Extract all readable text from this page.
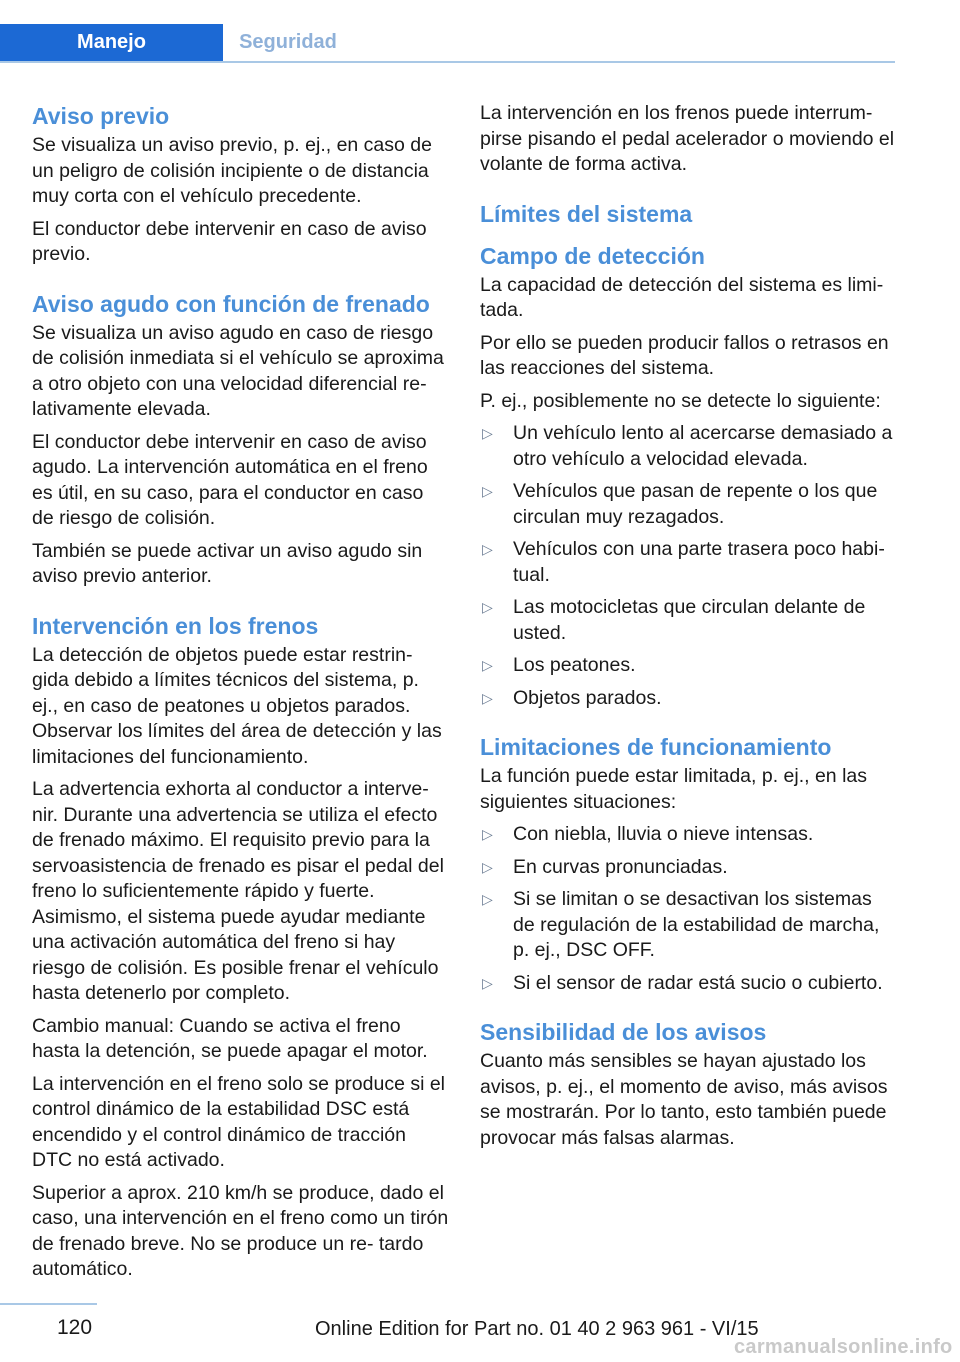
Manejo	Seguridad
Aviso previo

Se visualiza un aviso previo, p. ej., en caso de un peligro de colisión incipiente o de distancia muy corta con el vehículo precedente.

El conductor debe intervenir en caso de aviso previo.

Aviso agudo con función de frenado

Se visualiza un aviso agudo en caso de riesgo de colisión inmediata si el vehículo se aproxima a otro objeto con una velocidad diferencial re‐ lativamente elevada.

El conductor debe intervenir en caso de aviso agudo. La intervención automática en el freno es útil, en su caso, para el conductor en caso de riesgo de colisión.

También se puede activar un aviso agudo sin aviso previo anterior.

Intervención en los frenos

La detección de objetos puede estar restrin‐ gida debido a límites técnicos del sistema, p. ej., en caso de peatones u objetos parados. Observar los límites del área de detección y las limitaciones del funcionamiento.

La advertencia exhorta al conductor a interve‐ nir. Durante una advertencia se utiliza el efecto de frenado máximo. El requisito previo para la servoasistencia de frenado es pisar el pedal del freno lo suficientemente rápido y fuerte. Asimismo, el sistema puede ayudar mediante una activación automática del freno si hay riesgo de colisión. Es posible frenar el vehículo hasta detenerlo por completo.

Cambio manual: Cuando se activa el freno hasta la detención, se puede apagar el motor.

La intervención en el freno solo se produce si el control dinámico de la estabilidad DSC está encendido y el control dinámico de tracción DTC no está activado.

Superior a aprox. 210 km/h se produce, dado el caso, una intervención en el freno como un tirón de frenado breve. No se produce un re‐ tardo automático.

La intervención en los frenos puede interrum‐ pirse pisando el pedal acelerador o moviendo el volante de forma activa.

Límites del sistema
Campo de detección

La capacidad de detección del sistema es limi‐ tada.

Por ello se pueden producir fallos o retrasos en las reacciones del sistema.

P. ej., posiblemente no se detecte lo siguiente:

▷ Un vehículo lento al acercarse demasiado a otro vehículo a velocidad elevada.
▷ Vehículos que pasan de repente o los que circulan muy rezagados.
▷ Vehículos con una parte trasera poco habi‐ tual.
▷ Las motocicletas que circulan delante de usted.
▷ Los peatones.
▷ Objetos parados.
Limitaciones de funcionamiento

La función puede estar limitada, p. ej., en las siguientes situaciones:

▷ Con niebla, lluvia o nieve intensas.
▷ En curvas pronunciadas.
▷ Si se limitan o se desactivan los sistemas de regulación de la estabilidad de marcha, p. ej., DSC OFF.
▷ Si el sensor de radar está sucio o cubierto.
Sensibilidad de los avisos

Cuanto más sensibles se hayan ajustado los avisos, p. ej., el momento de aviso, más avisos se mostrarán. Por lo tanto, esto también puede provocar más falsas alarmas.

120	Online Edition for Part no. 01 40 2 963 961 - VI/15
carmanualsonline.info
